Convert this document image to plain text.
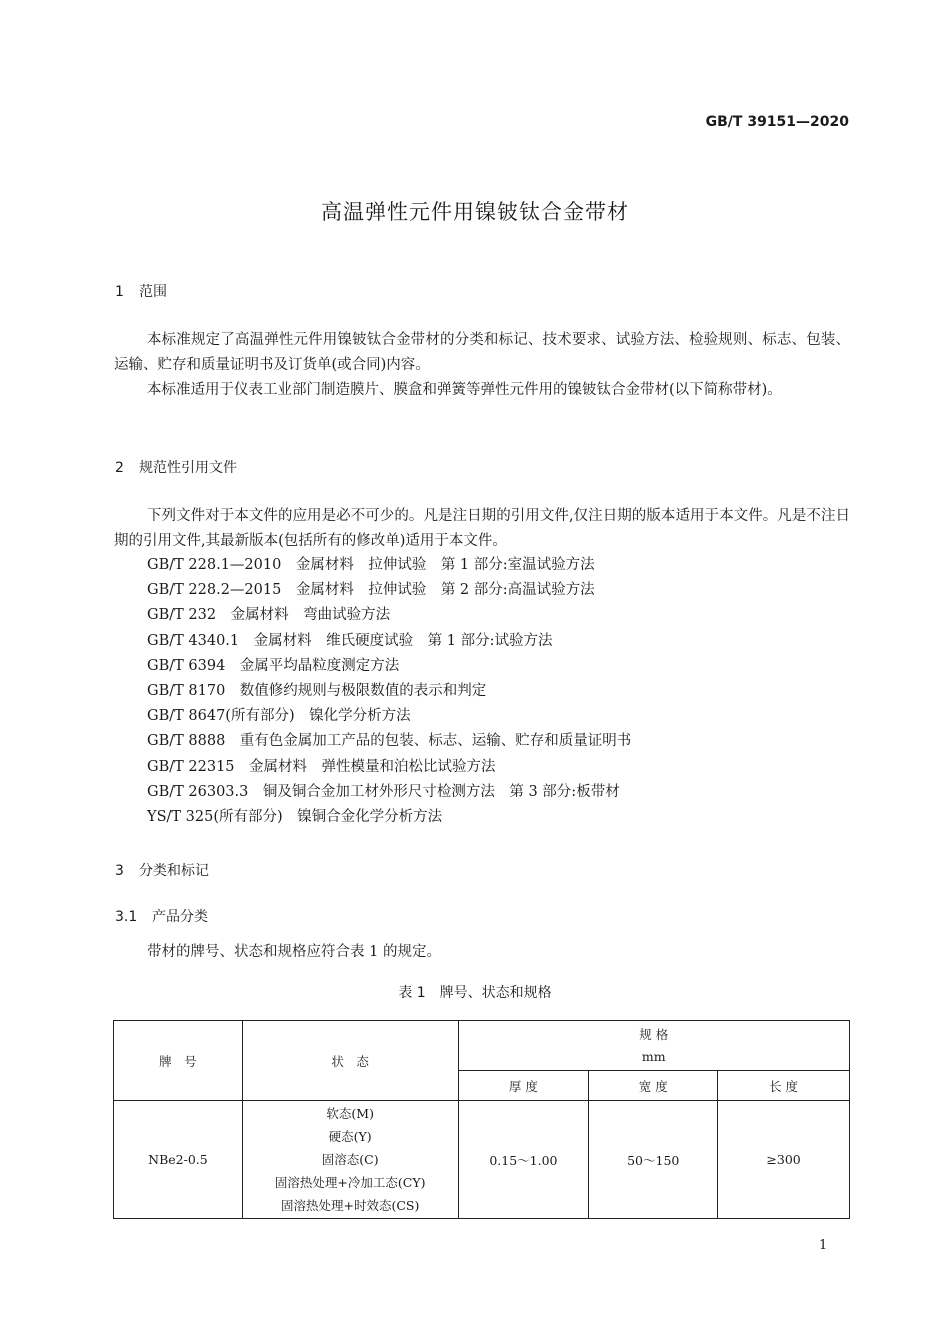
GB/T 39151—2020
高温弹性元件用镍铍钛合金带材
1 范围
本标准规定了高温弹性元件用镍铍钛合金带材的分类和标记、技术要求、试验方法、检验规则、标志、包装、运输、贮存和质量证明书及订货单(或合同)内容。
本标准适用于仪表工业部门制造膜片、膜盒和弹簧等弹性元件用的镍铍钛合金带材(以下简称带材)。
2 规范性引用文件
下列文件对于本文件的应用是必不可少的。凡是注日期的引用文件,仅注日期的版本适用于本文件。凡是不注日期的引用文件,其最新版本(包括所有的修改单)适用于本文件。
GB/T 228.1—2010　金属材料　拉伸试验　第 1 部分:室温试验方法
GB/T 228.2—2015　金属材料　拉伸试验　第 2 部分:高温试验方法
GB/T 232　金属材料　弯曲试验方法
GB/T 4340.1　金属材料　维氏硬度试验　第 1 部分:试验方法
GB/T 6394　金属平均晶粒度测定方法
GB/T 8170　数值修约规则与极限数值的表示和判定
GB/T 8647(所有部分)　镍化学分析方法
GB/T 8888　重有色金属加工产品的包装、标志、运输、贮存和质量证明书
GB/T 22315　金属材料　弹性模量和泊松比试验方法
GB/T 26303.3　铜及铜合金加工材外形尺寸检测方法　第 3 部分:板带材
YS/T 325(所有部分)　镍铜合金化学分析方法
3 分类和标记
3.1 产品分类
带材的牌号、状态和规格应符合表 1 的规定。
表 1　牌号、状态和规格
牌　号	状　态	规 格
mm		

		厚 度	宽 度	长 度
NBe2-0.5	软态(M)
硬态(Y)
固溶态(C)
固溶热处理+冷加工态(CY)
固溶热处理+时效态(CS)	0.15～1.00	50～150	≥300
1
